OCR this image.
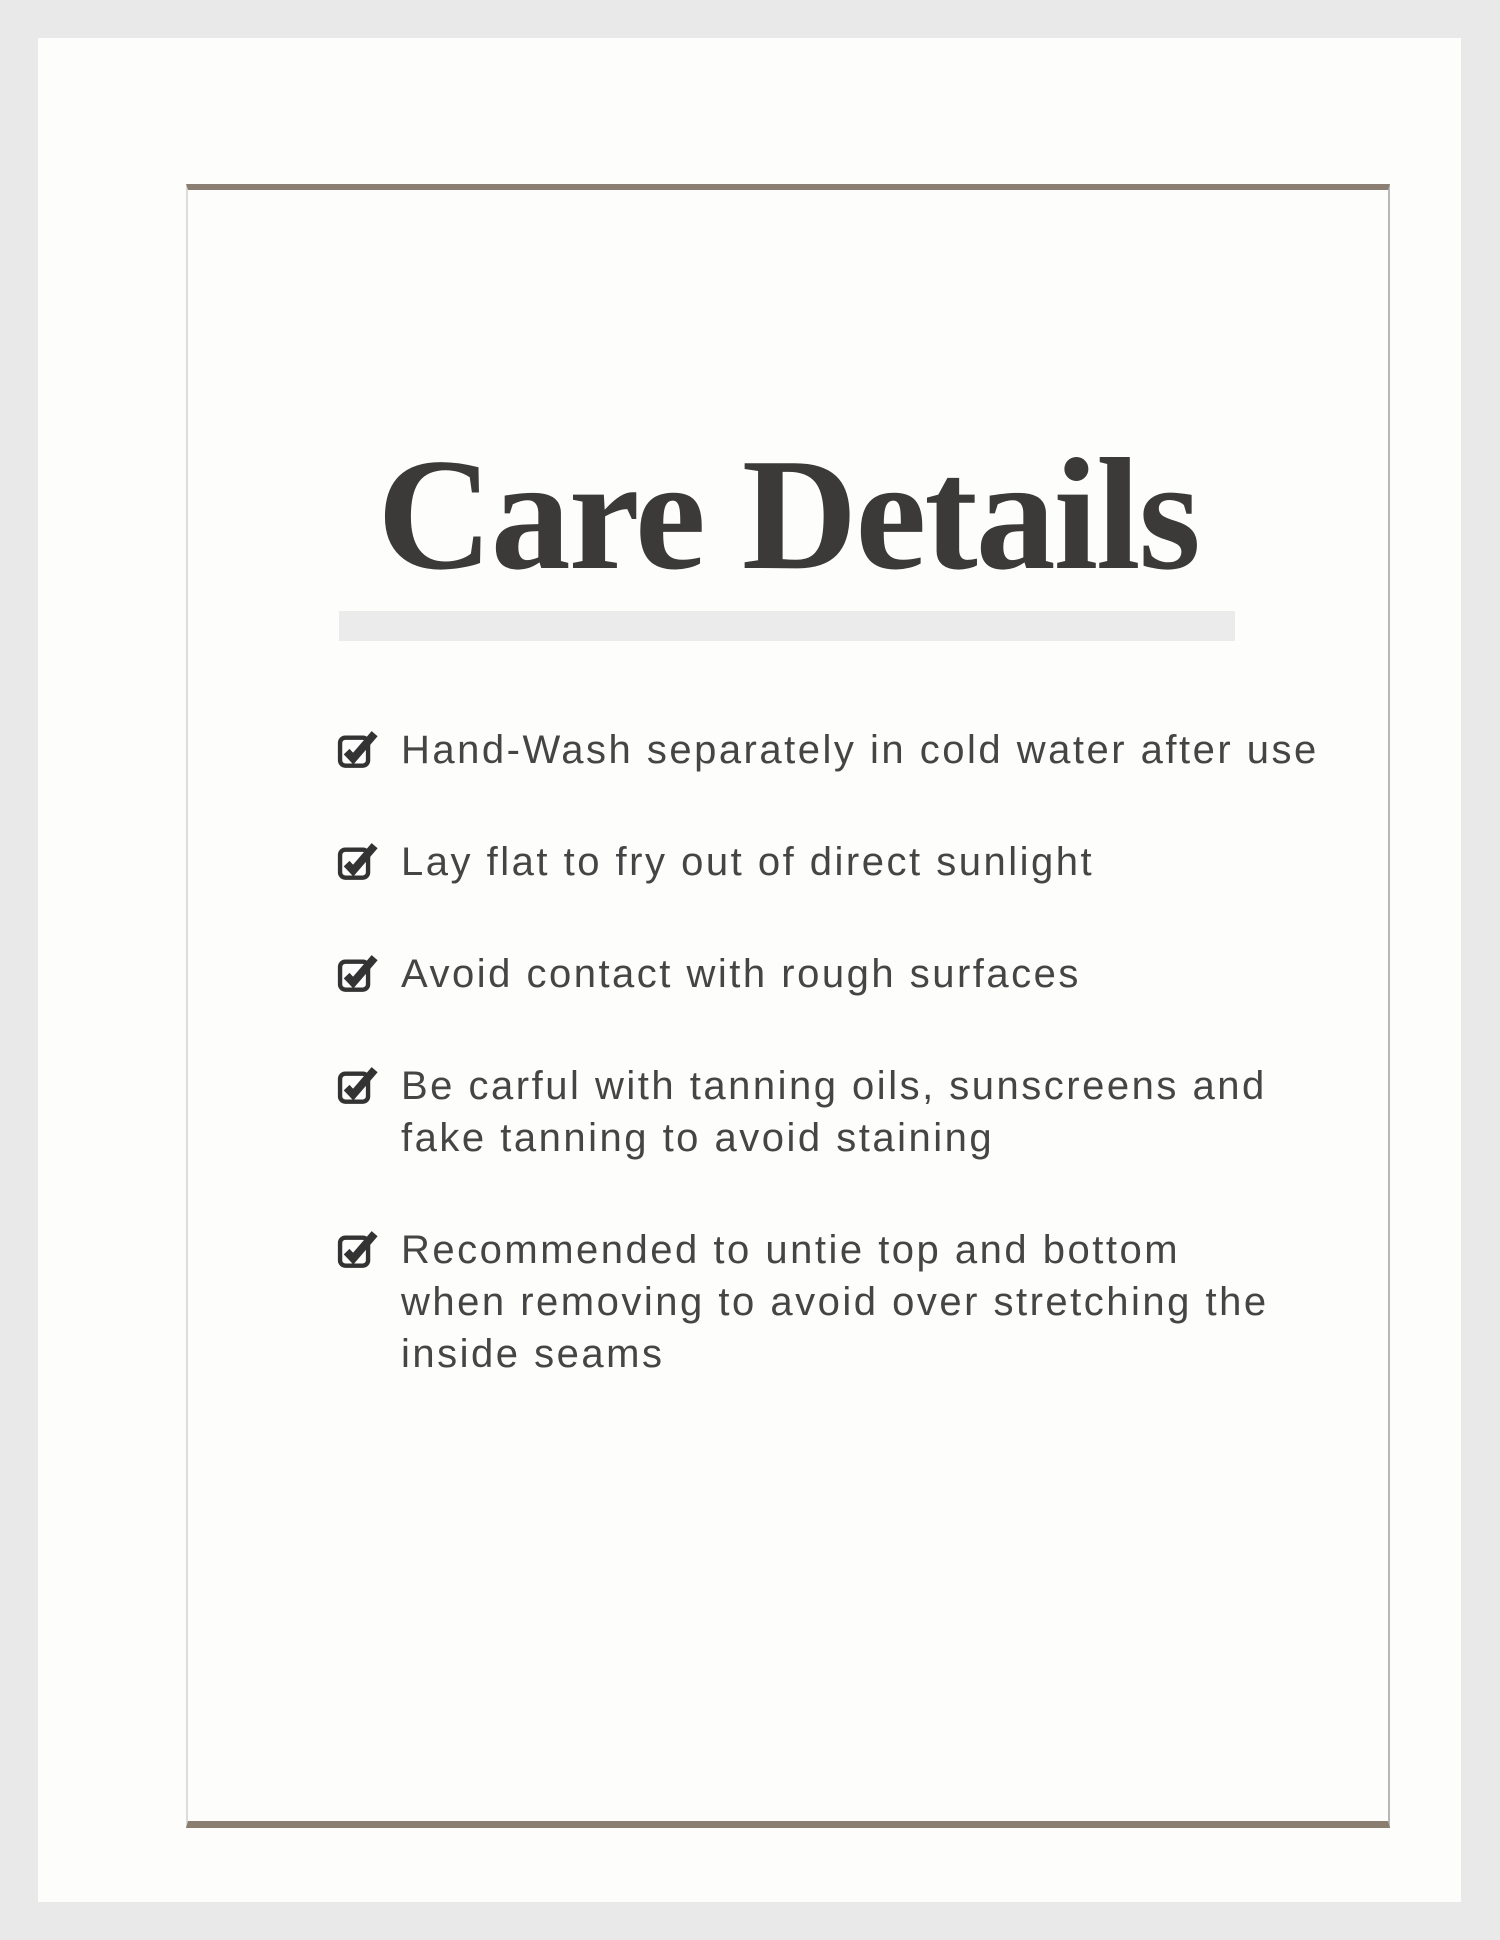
Care Details
Hand-Wash separately in cold water after use
Lay flat to fry out of direct sunlight
Avoid contact with rough surfaces
Be carful with tanning oils, sunscreens and
fake tanning to avoid staining
Recommended to untie top and bottom
when removing to avoid over stretching the
inside seams
